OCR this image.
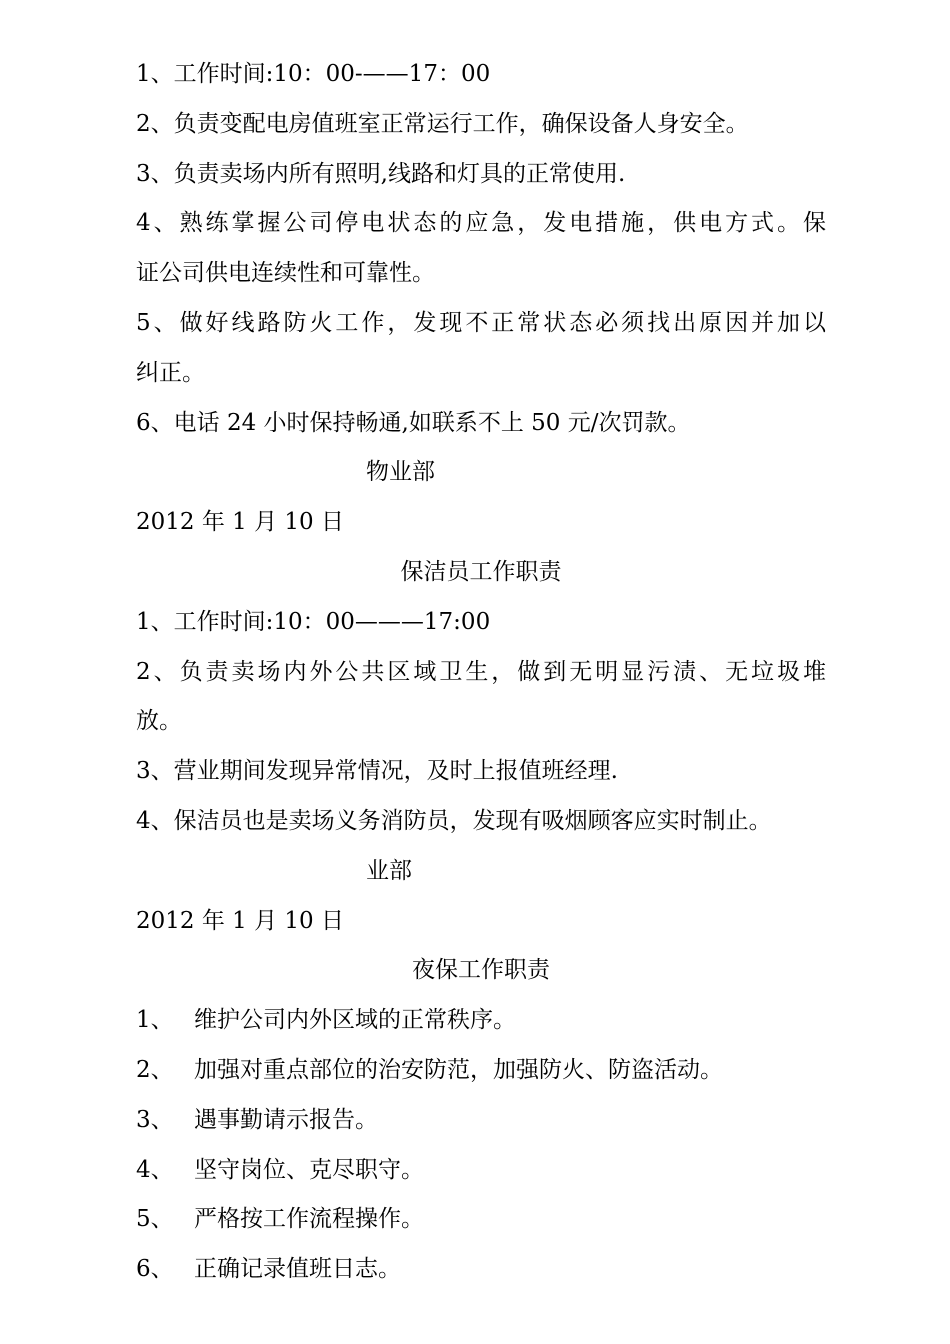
1、工作时间:10：00-——17：00

2、负责变配电房值班室正常运行工作，确保设备人身安全。

3、负责卖场内所有照明,线路和灯具的正常使用.

4、熟练掌握公司停电状态的应急，发电措施，供电方式。保

证公司供电连续性和可靠性。

5、做好线路防火工作，发现不正常状态必须找出原因并加以

纠正。

6、电话 24 小时保持畅通,如联系不上 50 元/次罚款。

物业部

2012 年 1 月 10 日

保洁员工作职责

1、工作时间:10：00———17:00

2、负责卖场内外公共区域卫生，做到无明显污渍、无垃圾堆

放。

3、营业期间发现异常情况，及时上报值班经理.

4、保洁员也是卖场义务消防员，发现有吸烟顾客应实时制止。

业部

2012 年 1 月 10 日

夜保工作职责

1、 维护公司内外区域的正常秩序。

2、 加强对重点部位的治安防范，加强防火、防盗活动。

3、 遇事勤请示报告。

4、 坚守岗位、克尽职守。

5、 严格按工作流程操作。

6、 正确记录值班日志。
